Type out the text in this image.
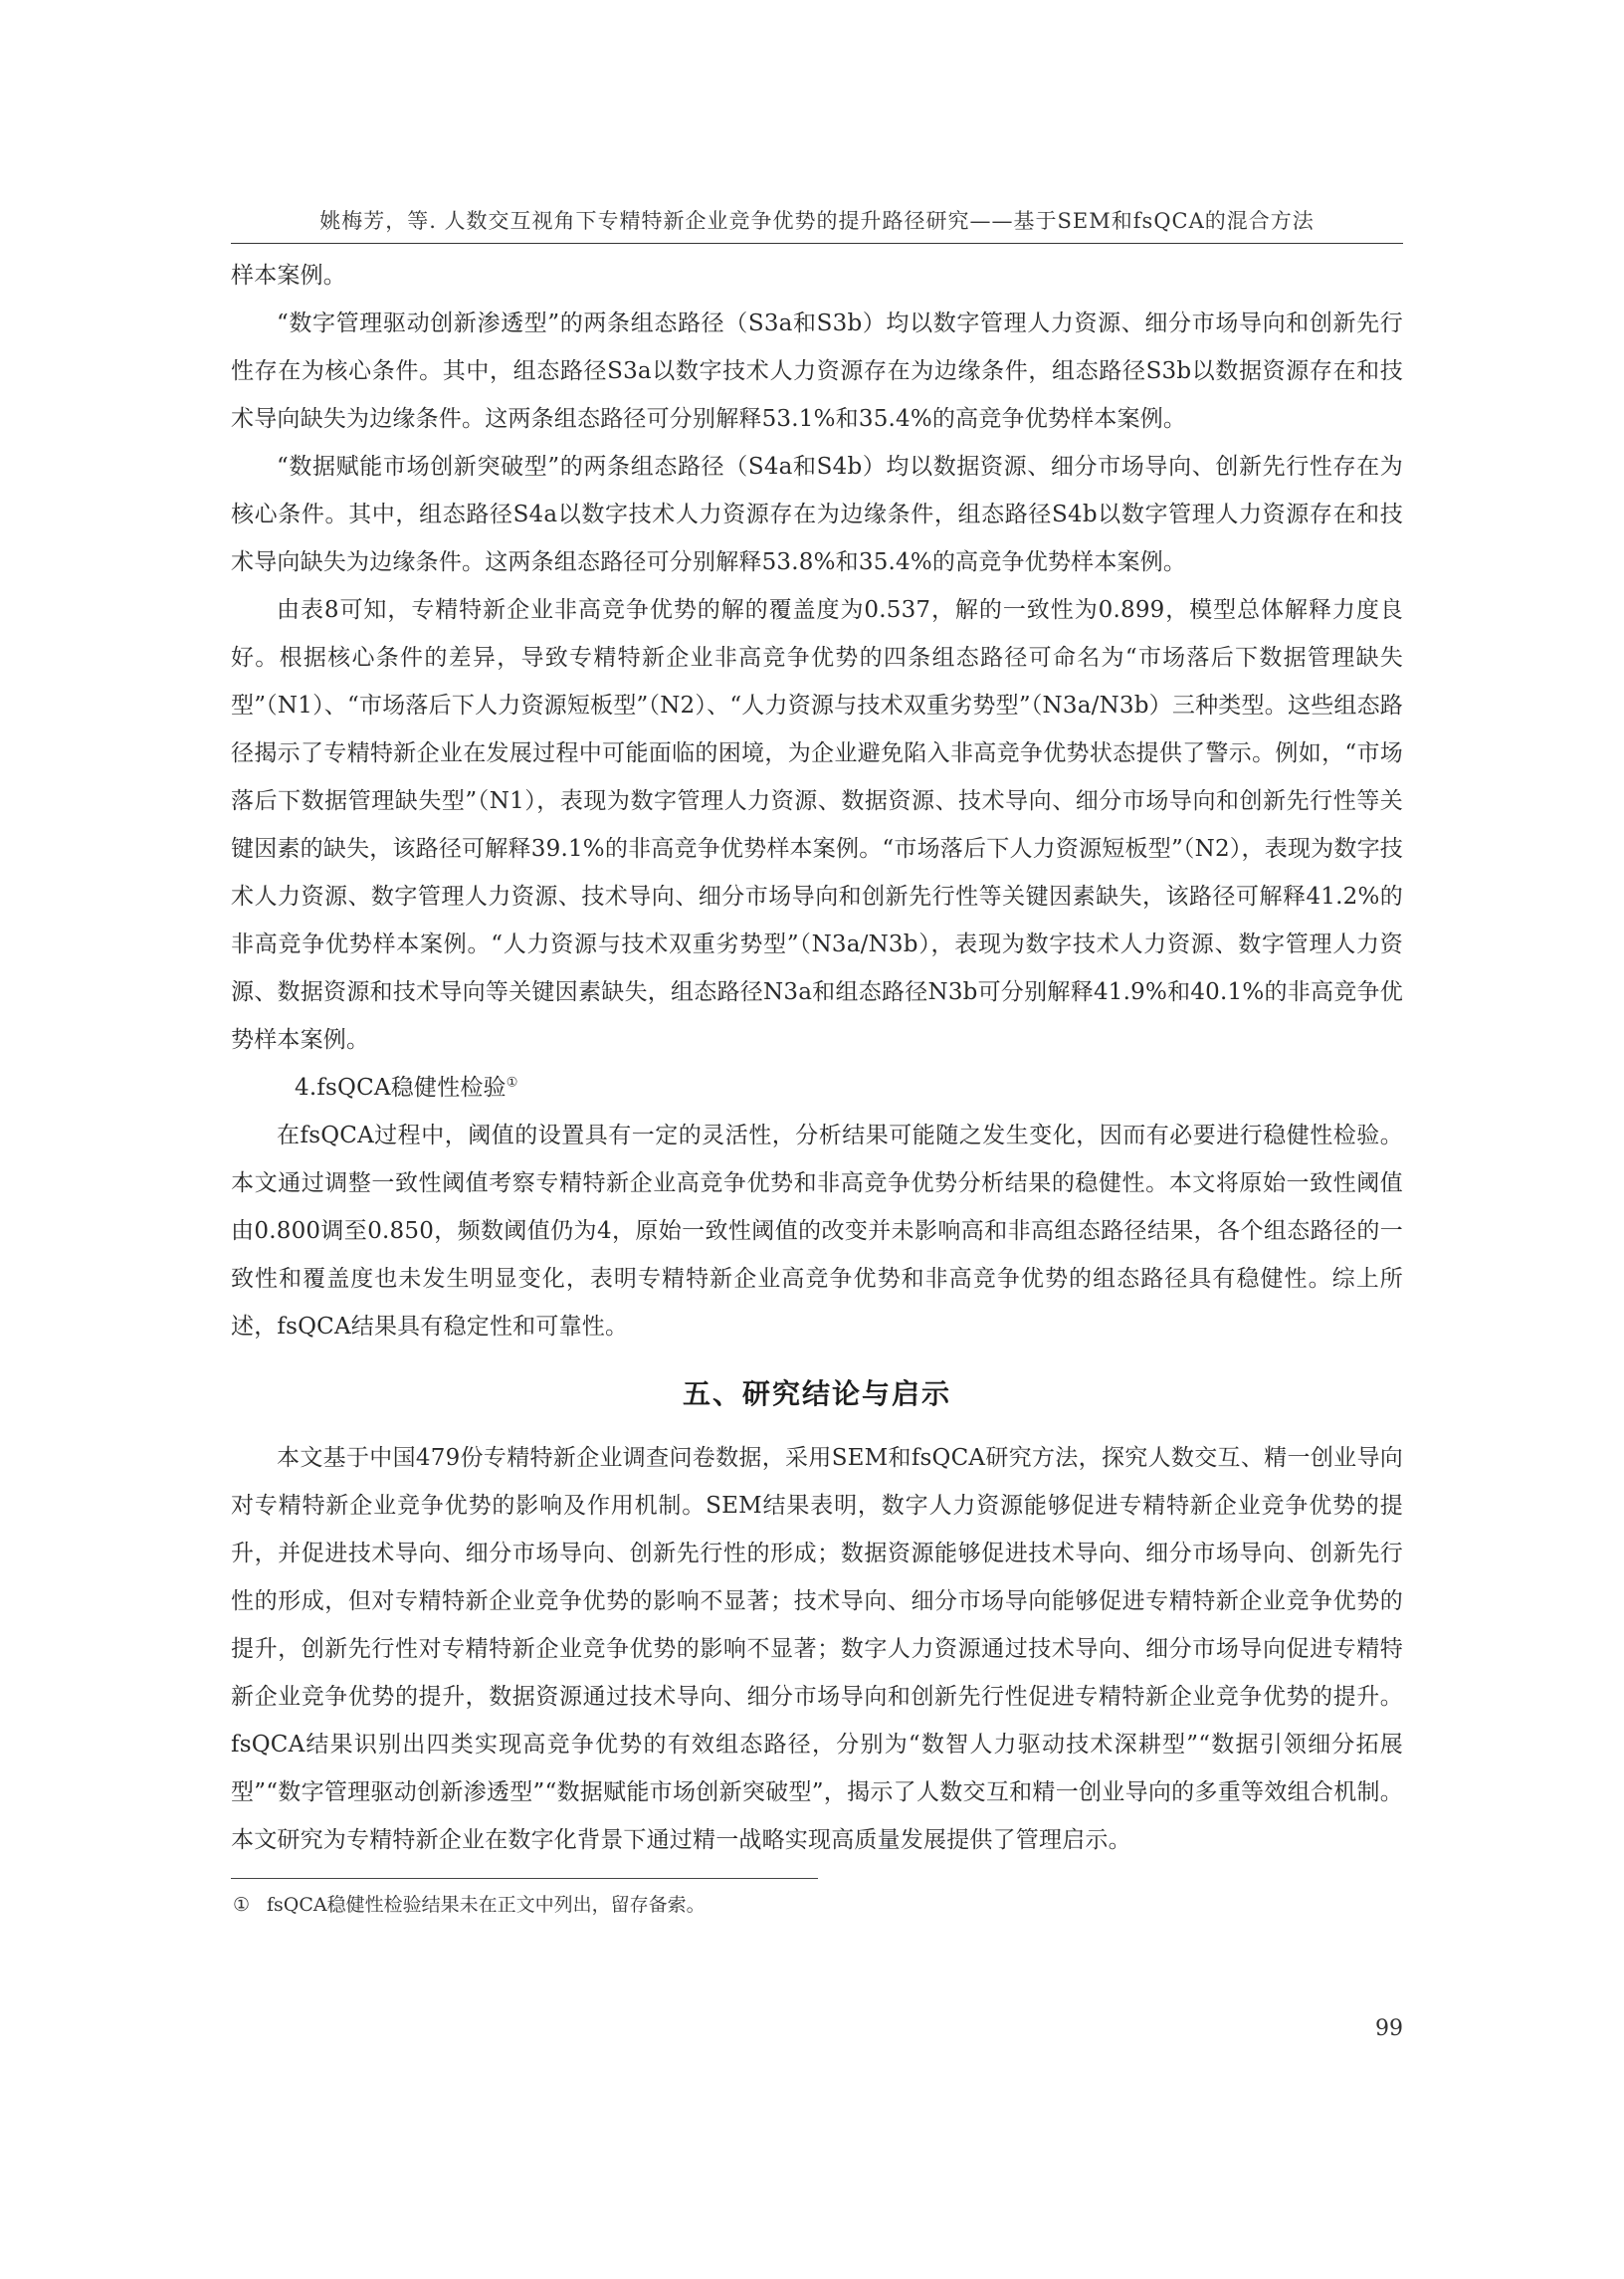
姚梅芳，等. 人数交互视角下专精特新企业竞争优势的提升路径研究——基于SEM和fsQCA的混合方法

样本案例。

“数字管理驱动创新渗透型”的两条组态路径（S3a和S3b）均以数字管理人力资源、细分市场导向和创新先行性存在为核心条件。其中，组态路径S3a以数字技术人力资源存在为边缘条件，组态路径S3b以数据资源存在和技术导向缺失为边缘条件。这两条组态路径可分别解释53.1%和35.4%的高竞争优势样本案例。

“数据赋能市场创新突破型”的两条组态路径（S4a和S4b）均以数据资源、细分市场导向、创新先行性存在为核心条件。其中，组态路径S4a以数字技术人力资源存在为边缘条件，组态路径S4b以数字管理人力资源存在和技术导向缺失为边缘条件。这两条组态路径可分别解释53.8%和35.4%的高竞争优势样本案例。

由表8可知，专精特新企业非高竞争优势的解的覆盖度为0.537，解的一致性为0.899，模型总体解释力度良好。根据核心条件的差异，导致专精特新企业非高竞争优势的四条组态路径可命名为“市场落后下数据管理缺失型”（N1）、“市场落后下人力资源短板型”（N2）、“人力资源与技术双重劣势型”（N3a/N3b）三种类型。这些组态路径揭示了专精特新企业在发展过程中可能面临的困境，为企业避免陷入非高竞争优势状态提供了警示。例如，“市场落后下数据管理缺失型”（N1），表现为数字管理人力资源、数据资源、技术导向、细分市场导向和创新先行性等关键因素的缺失，该路径可解释39.1%的非高竞争优势样本案例。“市场落后下人力资源短板型”（N2），表现为数字技术人力资源、数字管理人力资源、技术导向、细分市场导向和创新先行性等关键因素缺失，该路径可解释41.2%的非高竞争优势样本案例。“人力资源与技术双重劣势型”（N3a/N3b），表现为数字技术人力资源、数字管理人力资源、数据资源和技术导向等关键因素缺失，组态路径N3a和组态路径N3b可分别解释41.9%和40.1%的非高竞争优势样本案例。

4.fsQCA稳健性检验①

在fsQCA过程中，阈值的设置具有一定的灵活性，分析结果可能随之发生变化，因而有必要进行稳健性检验。本文通过调整一致性阈值考察专精特新企业高竞争优势和非高竞争优势分析结果的稳健性。本文将原始一致性阈值由0.800调至0.850，频数阈值仍为4，原始一致性阈值的改变并未影响高和非高组态路径结果，各个组态路径的一致性和覆盖度也未发生明显变化，表明专精特新企业高竞争优势和非高竞争优势的组态路径具有稳健性。综上所述，fsQCA结果具有稳定性和可靠性。

五、研究结论与启示

本文基于中国479份专精特新企业调查问卷数据，采用SEM和fsQCA研究方法，探究人数交互、精一创业导向对专精特新企业竞争优势的影响及作用机制。SEM结果表明，数字人力资源能够促进专精特新企业竞争优势的提升，并促进技术导向、细分市场导向、创新先行性的形成；数据资源能够促进技术导向、细分市场导向、创新先行性的形成，但对专精特新企业竞争优势的影响不显著；技术导向、细分市场导向能够促进专精特新企业竞争优势的提升，创新先行性对专精特新企业竞争优势的影响不显著；数字人力资源通过技术导向、细分市场导向促进专精特新企业竞争优势的提升，数据资源通过技术导向、细分市场导向和创新先行性促进专精特新企业竞争优势的提升。fsQCA结果识别出四类实现高竞争优势的有效组态路径，分别为“数智人力驱动技术深耕型”“数据引领细分拓展型”“数字管理驱动创新渗透型”“数据赋能市场创新突破型”，揭示了人数交互和精一创业导向的多重等效组合机制。本文研究为专精特新企业在数字化背景下通过精一战略实现高质量发展提供了管理启示。

① fsQCA稳健性检验结果未在正文中列出，留存备索。
99
